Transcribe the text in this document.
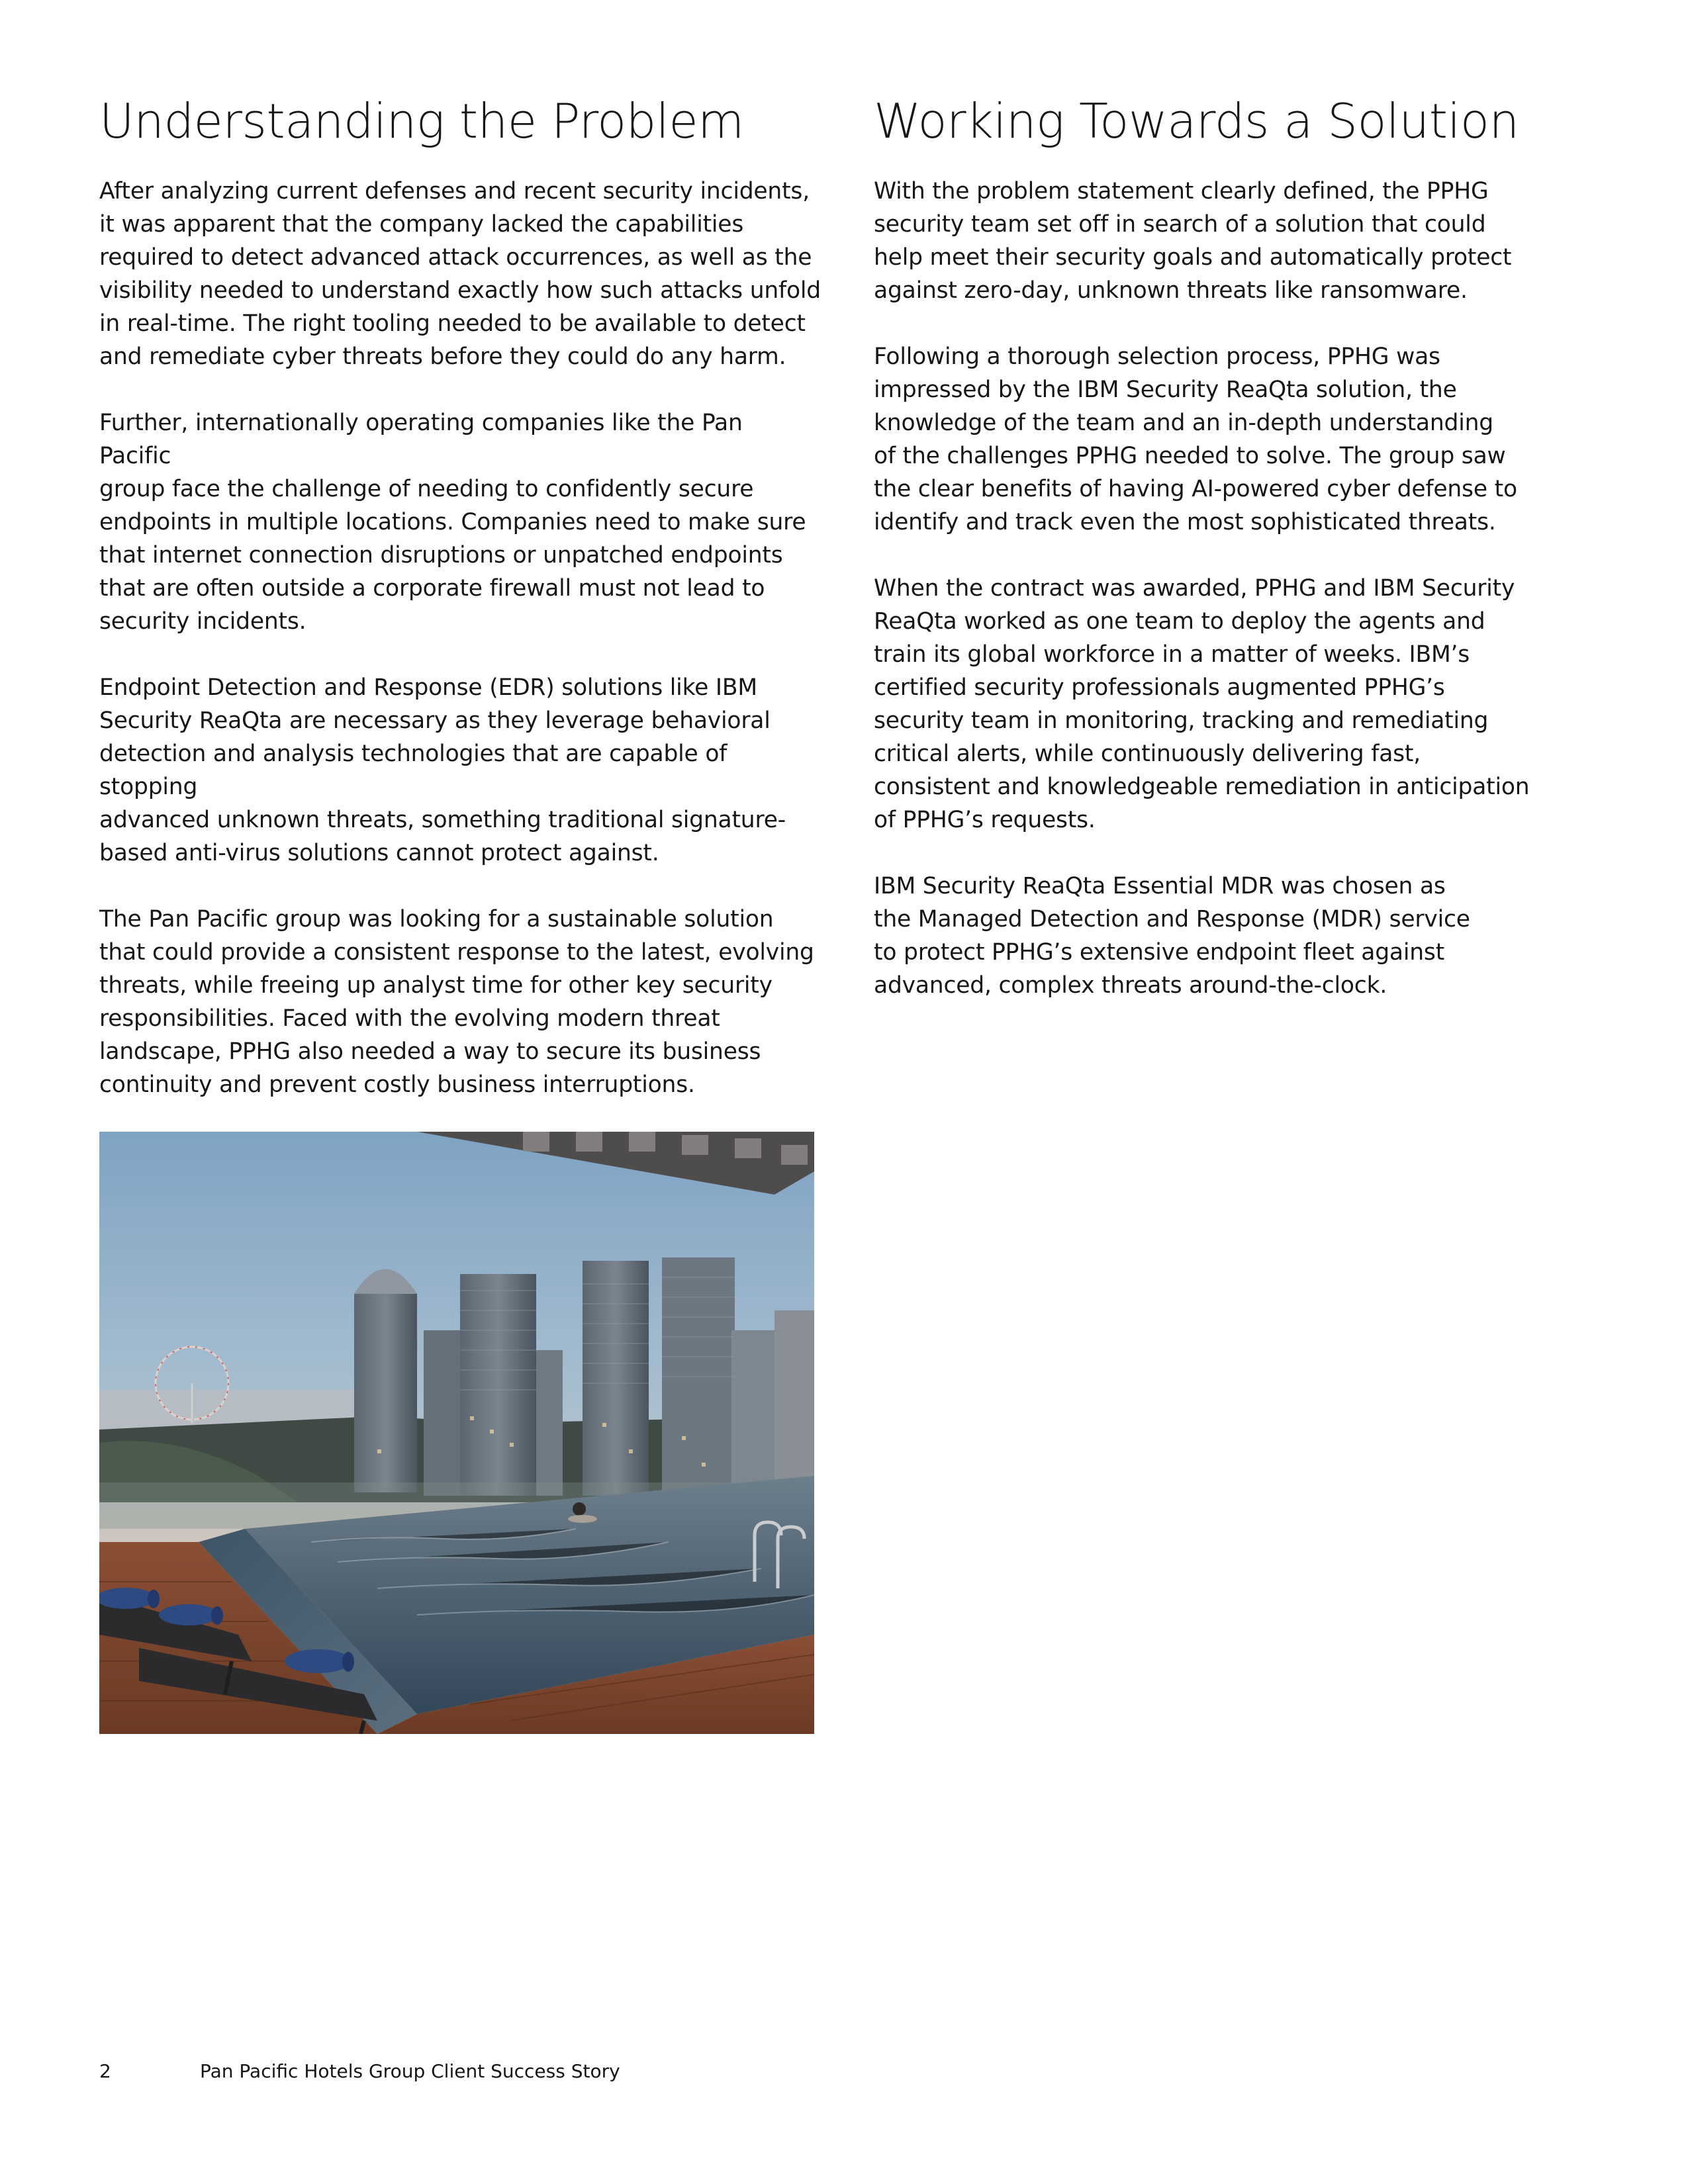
Understanding the Problem

After analyzing current defenses and recent security incidents,
it was apparent that the company lacked the capabilities
required to detect advanced attack occurrences, as well as the
visibility needed to understand exactly how such attacks unfold
in real-time. The right tooling needed to be available to detect
and remediate cyber threats before they could do any harm.

Further, internationally operating companies like the Pan Pacific
group face the challenge of needing to confidently secure
endpoints in multiple locations. Companies need to make sure
that internet connection disruptions or unpatched endpoints
that are often outside a corporate firewall must not lead to
security incidents.

Endpoint Detection and Response (EDR) solutions like IBM
Security ReaQta are necessary as they leverage behavioral
detection and analysis technologies that are capable of stopping
advanced unknown threats, something traditional signature-
based anti-virus solutions cannot protect against.

The Pan Pacific group was looking for a sustainable solution
that could provide a consistent response to the latest, evolving
threats, while freeing up analyst time for other key security
responsibilities. Faced with the evolving modern threat
landscape, PPHG also needed a way to secure its business
continuity and prevent costly business interruptions.

Working Towards a Solution

With the problem statement clearly defined, the PPHG
security team set off in search of a solution that could
help meet their security goals and automatically protect
against zero-day, unknown threats like ransomware.

Following a thorough selection process, PPHG was
impressed by the IBM Security ReaQta solution, the
knowledge of the team and an in-depth understanding
of the challenges PPHG needed to solve. The group saw
the clear benefits of having AI-powered cyber defense to
identify and track even the most sophisticated threats.

When the contract was awarded, PPHG and IBM Security
ReaQta worked as one team to deploy the agents and
train its global workforce in a matter of weeks. IBM’s
certified security professionals augmented PPHG’s
security team in monitoring, tracking and remediating
critical alerts, while continuously delivering fast,
consistent and knowledgeable remediation in anticipation
of PPHG’s requests.

IBM Security ReaQta Essential MDR was chosen as
the Managed Detection and Response (MDR) service
to protect PPHG’s extensive endpoint fleet against
advanced, complex threats around-the-clock.

2	Pan Pacific Hotels Group Client Success Story
